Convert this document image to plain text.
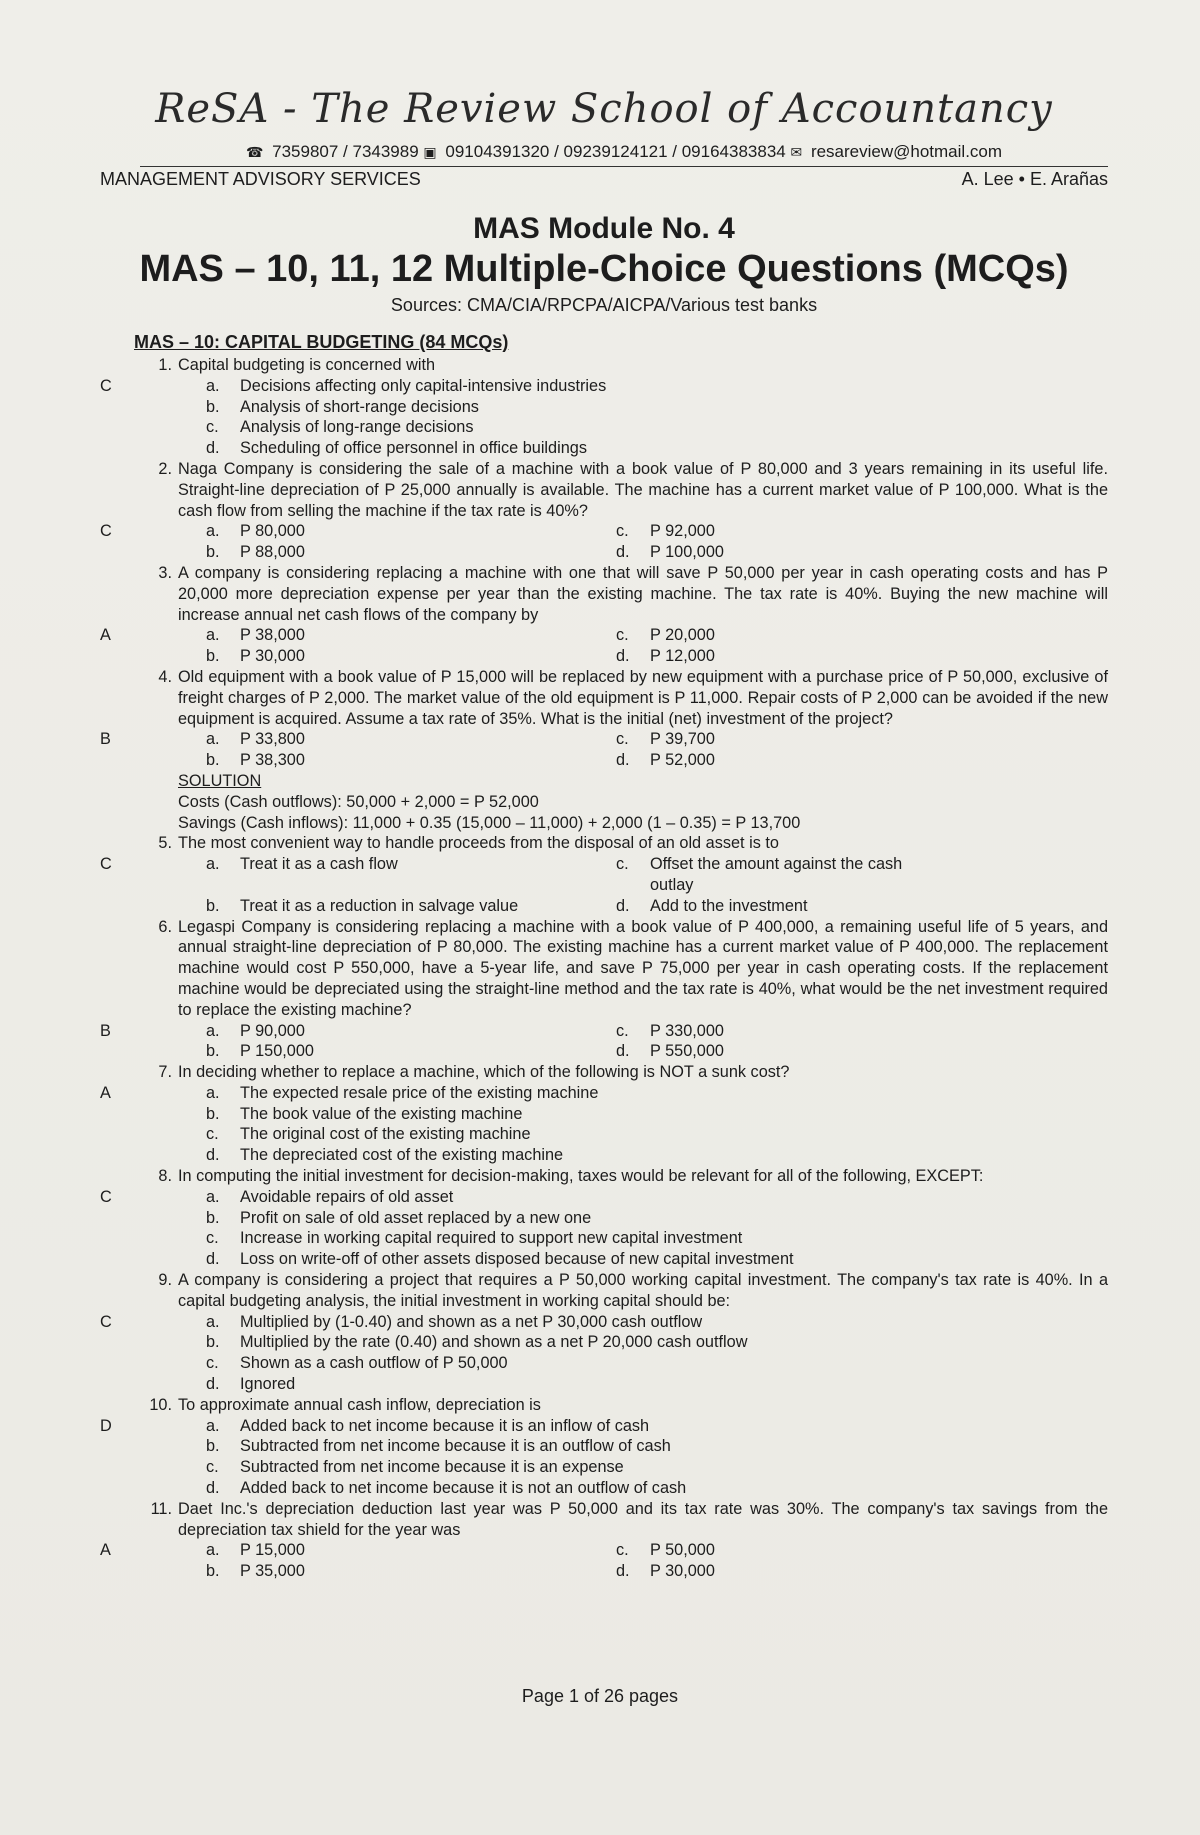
ReSA - The Review School of Accountancy
☎ 7359807 / 7343989 ▣ 09104391320 / 09239124121 / 09164383834 ✉ resareview@hotmail.com
MANAGEMENT ADVISORY SERVICES	A. Lee • E. Arañas
MAS Module No. 4
MAS – 10, 11, 12 Multiple-Choice Questions (MCQs)
Sources: CMA/CIA/RPCPA/AICPA/Various test banks
MAS – 10: CAPITAL BUDGETING (84 MCQs)
1. Capital budgeting is concerned with
C	a.	Decisions affecting only capital-intensive industries
b.	Analysis of short-range decisions
c.	Analysis of long-range decisions
d.	Scheduling of office personnel in office buildings
2. Naga Company is considering the sale of a machine with a book value of P 80,000 and 3 years remaining in its useful life. Straight-line depreciation of P 25,000 annually is available. The machine has a current market value of P 100,000. What is the cash flow from selling the machine if the tax rate is 40%?
C	a.	P 80,000	c.	P 92,000
b.	P 88,000	d.	P 100,000
3. A company is considering replacing a machine with one that will save P 50,000 per year in cash operating costs and has P 20,000 more depreciation expense per year than the existing machine. The tax rate is 40%. Buying the new machine will increase annual net cash flows of the company by
A	a.	P 38,000	c.	P 20,000
b.	P 30,000	d.	P 12,000
4. Old equipment with a book value of P 15,000 will be replaced by new equipment with a purchase price of P 50,000, exclusive of freight charges of P 2,000. The market value of the old equipment is P 11,000. Repair costs of P 2,000 can be avoided if the new equipment is acquired. Assume a tax rate of 35%. What is the initial (net) investment of the project?
B	a.	P 33,800	c.	P 39,700
b.	P 38,300	d.	P 52,000
SOLUTION
Costs (Cash outflows): 50,000 + 2,000 = P 52,000
Savings (Cash inflows): 11,000 + 0.35 (15,000 – 11,000) + 2,000 (1 – 0.35) = P 13,700
5. The most convenient way to handle proceeds from the disposal of an old asset is to
C	a.	Treat it as a cash flow	c.	Offset the amount against the cash outlay
b.	Treat it as a reduction in salvage value	d.	Add to the investment
6. Legaspi Company is considering replacing a machine with a book value of P 400,000, a remaining useful life of 5 years, and annual straight-line depreciation of P 80,000. The existing machine has a current market value of P 400,000. The replacement machine would cost P 550,000, have a 5-year life, and save P 75,000 per year in cash operating costs. If the replacement machine would be depreciated using the straight-line method and the tax rate is 40%, what would be the net investment required to replace the existing machine?
B	a.	P 90,000	c.	P 330,000
b.	P 150,000	d.	P 550,000
7. In deciding whether to replace a machine, which of the following is NOT a sunk cost?
A	a.	The expected resale price of the existing machine
b.	The book value of the existing machine
c.	The original cost of the existing machine
d.	The depreciated cost of the existing machine
8. In computing the initial investment for decision-making, taxes would be relevant for all of the following, EXCEPT:
C	a.	Avoidable repairs of old asset
b.	Profit on sale of old asset replaced by a new one
c.	Increase in working capital required to support new capital investment
d.	Loss on write-off of other assets disposed because of new capital investment
9. A company is considering a project that requires a P 50,000 working capital investment. The company's tax rate is 40%. In a capital budgeting analysis, the initial investment in working capital should be:
C	a.	Multiplied by (1-0.40) and shown as a net P 30,000 cash outflow
b.	Multiplied by the rate (0.40) and shown as a net P 20,000 cash outflow
c.	Shown as a cash outflow of P 50,000
d.	Ignored
10. To approximate annual cash inflow, depreciation is
D	a.	Added back to net income because it is an inflow of cash
b.	Subtracted from net income because it is an outflow of cash
c.	Subtracted from net income because it is an expense
d.	Added back to net income because it is not an outflow of cash
11. Daet Inc.'s depreciation deduction last year was P 50,000 and its tax rate was 30%. The company's tax savings from the depreciation tax shield for the year was
A	a.	P 15,000	c.	P 50,000
b.	P 35,000	d.	P 30,000
Page 1 of 26 pages
